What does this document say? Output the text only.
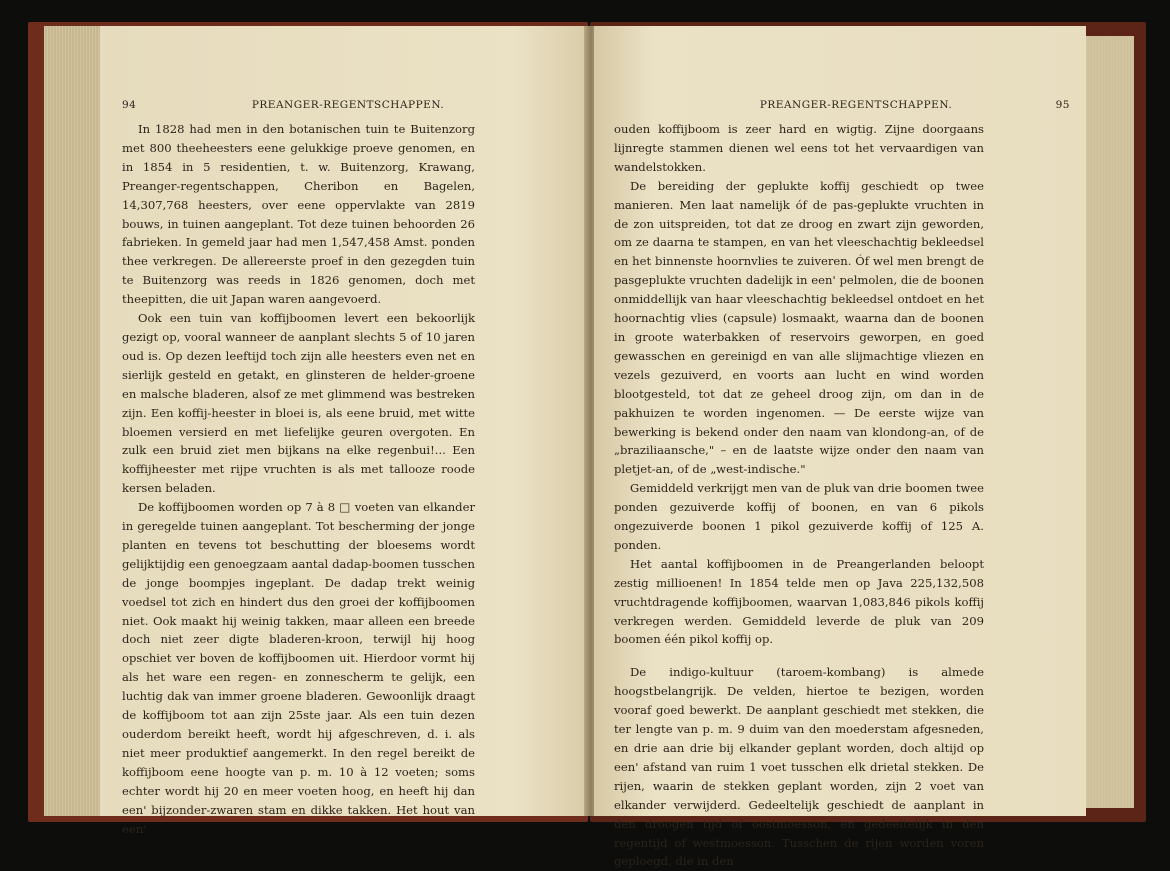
94	PREANGER-REGENTSCHAPPEN.

In 1828 had men in den botanischen tuin te Buitenzorg met 800 theeheesters eene gelukkige proeve genomen, en in 1854 in 5 residentien, t. w. Buitenzorg, Krawang, Preanger-regentschappen, Cheribon en Bagelen, 14,307,768 heesters, over eene oppervlakte van 2819 bouws, in tuinen aangeplant. Tot deze tuinen behoorden 26 fabrieken. In gemeld jaar had men 1,547,458 Amst. ponden thee verkregen. De allereerste proef in den gezegden tuin te Buitenzorg was reeds in 1826 genomen, doch met theepitten, die uit Japan waren aangevoerd.

Ook een tuin van koffijboomen levert een bekoorlijk gezigt op, vooral wanneer de aanplant slechts 5 of 10 jaren oud is. Op dezen leeftijd toch zijn alle heesters even net en sierlijk gesteld en getakt, en glinsteren de helder-groene en malsche bladeren, alsof ze met glimmend was bestreken zijn. Een koffij-heester in bloei is, als eene bruid, met witte bloemen versierd en met liefelijke geuren overgoten. En zulk een bruid ziet men bijkans na elke regenbui!... Een koffijheester met rijpe vruchten is als met tallooze roode kersen beladen.

De koffijboomen worden op 7 à 8 □ voeten van elkander in geregelde tuinen aangeplant. Tot bescherming der jonge planten en tevens tot beschutting der bloesems wordt gelijktijdig een genoegzaam aantal dadap-boomen tusschen de jonge boompjes ingeplant. De dadap trekt weinig voedsel tot zich en hindert dus den groei der koffijboomen niet. Ook maakt hij weinig takken, maar alleen een breede doch niet zeer digte bladeren-kroon, terwijl hij hoog opschiet ver boven de koffijboomen uit. Hierdoor vormt hij als het ware een regen- en zonnescherm te gelijk, een luchtig dak van immer groene bladeren. Gewoonlijk draagt de koffijboom tot aan zijn 25ste jaar. Als een tuin dezen ouderdom bereikt heeft, wordt hij afgeschreven, d. i. als niet meer produktief aangemerkt. In den regel bereikt de koffijboom eene hoogte van p. m. 10 à 12 voeten; soms echter wordt hij 20 en meer voeten hoog, en heeft hij dan een' bijzonder-zwaren stam en dikke takken. Het hout van een'

PREANGER-REGENTSCHAPPEN.	95

ouden koffijboom is zeer hard en wigtig. Zijne doorgaans lijnregte stammen dienen wel eens tot het vervaardigen van wandelstokken.

De bereiding der geplukte koffij geschiedt op twee manieren. Men laat namelijk óf de pas-geplukte vruchten in de zon uitspreiden, tot dat ze droog en zwart zijn geworden, om ze daarna te stampen, en van het vleeschachtig bekleedsel en het binnenste hoornvlies te zuiveren. Óf wel men brengt de pasgeplukte vruchten dadelijk in een' pelmolen, die de boonen onmiddellijk van haar vleeschachtig bekleedsel ontdoet en het hoornachtig vlies (capsule) losmaakt, waarna dan de boonen in groote waterbakken of reservoirs geworpen, en goed gewasschen en gereinigd en van alle slijmachtige vliezen en vezels gezuiverd, en voorts aan lucht en wind worden blootgesteld, tot dat ze geheel droog zijn, om dan in de pakhuizen te worden ingenomen. — De eerste wijze van bewerking is bekend onder den naam van klondong-an, of de „braziliaansche," – en de laatste wijze onder den naam van pletjet-an, of de „west-indische."

Gemiddeld verkrijgt men van de pluk van drie boomen twee ponden gezuiverde koffij of boonen, en van 6 pikols ongezuiverde boonen 1 pikol gezuiverde koffij of 125 A. ponden.

Het aantal koffijboomen in de Preangerlanden beloopt zestig millioenen! In 1854 telde men op Java 225,132,508 vruchtdragende koffijboomen, waarvan 1,083,846 pikols koffij verkregen werden. Gemiddeld leverde de pluk van 209 boomen één pikol koffij op.

De indigo-kultuur (taroem-kombang) is almede hoogstbelangrijk. De velden, hiertoe te bezigen, worden vooraf goed bewerkt. De aanplant geschiedt met stekken, die ter lengte van p. m. 9 duim van den moederstam afgesneden, en drie aan drie bij elkander geplant worden, doch altijd op een' afstand van ruim 1 voet tusschen elk drietal stekken. De rijen, waarin de stekken geplant worden, zijn 2 voet van elkander verwijderd. Gedeeltelijk geschiedt de aanplant in den droogen tijd of oostmoesson, en gedeeltelijk in den regentijd of westmoesson. Tusschen de rijen worden voren geploegd, die in den
